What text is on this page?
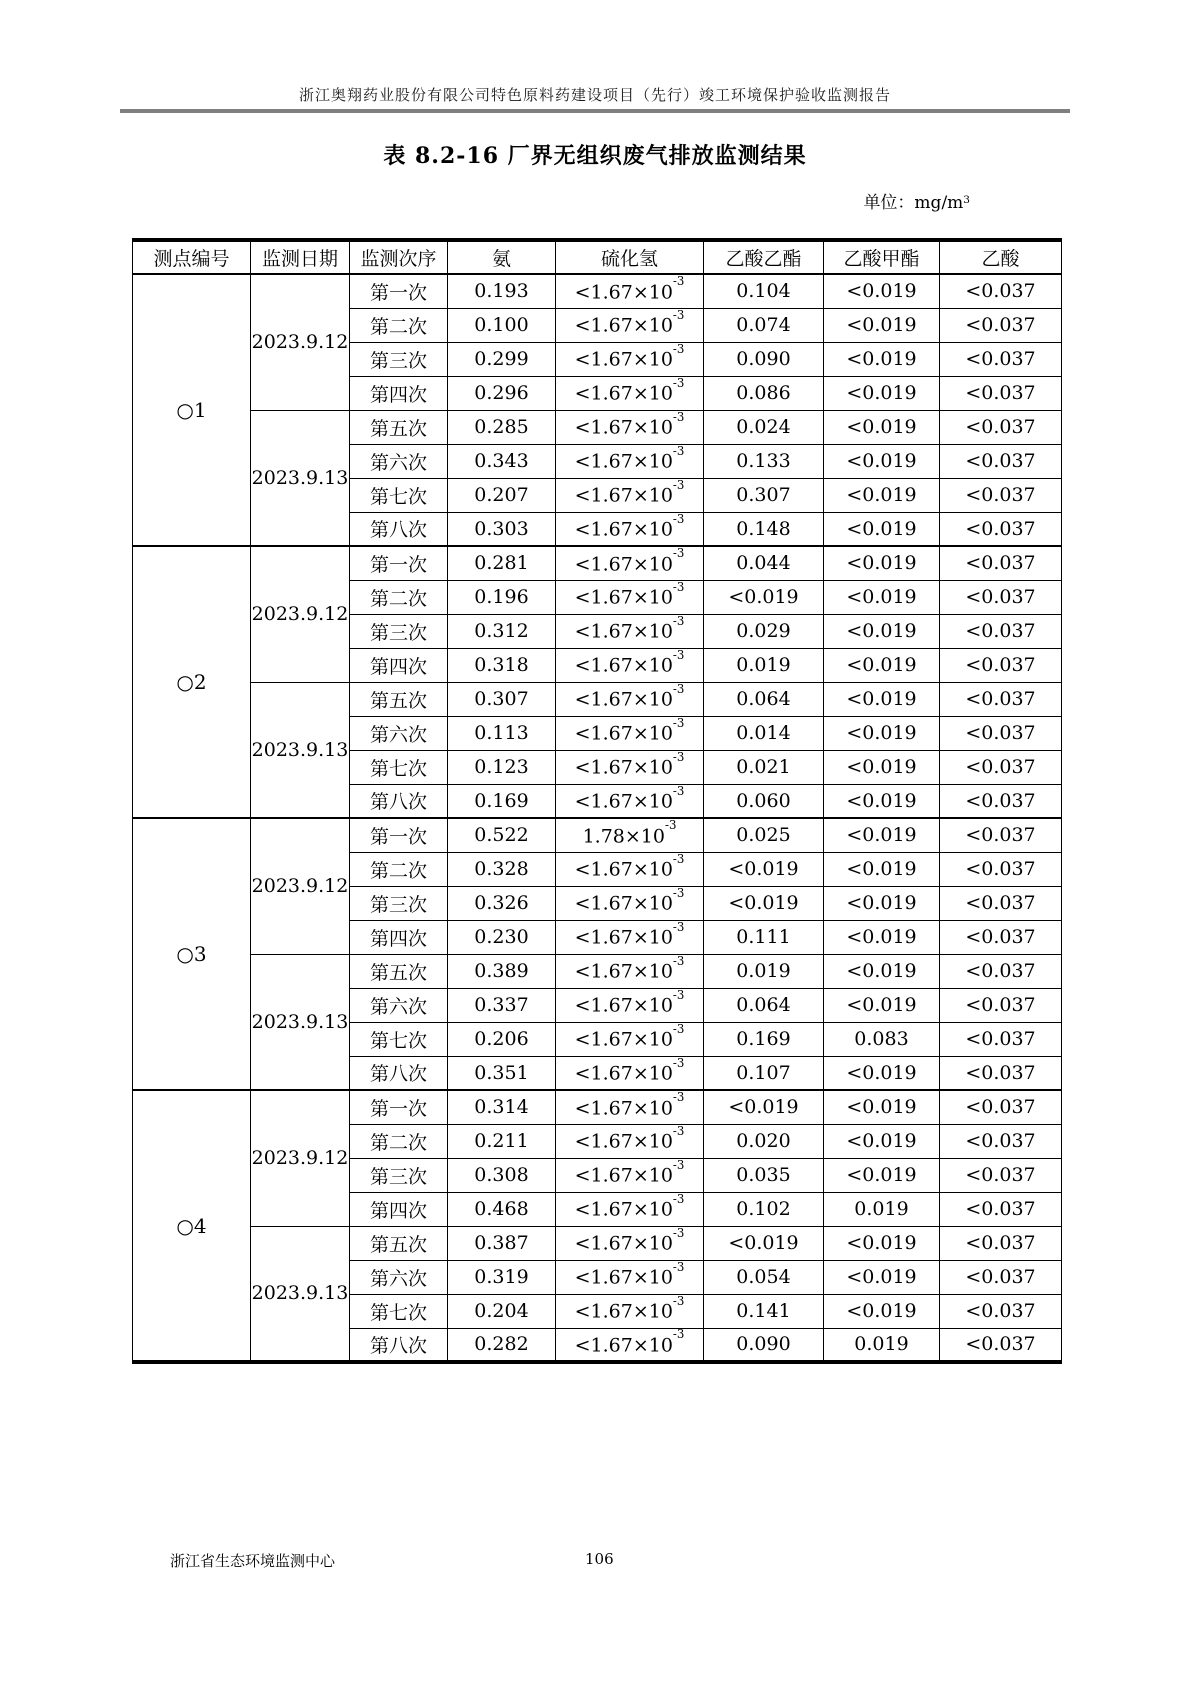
浙江奥翔药业股份有限公司特色原料药建设项目（先行）竣工环境保护验收监测报告
表 8.2-16 厂界无组织废气排放监测结果
单位：$mg/m^3$
测点编号	监测日期	监测次序	氨	硫化氢	乙酸乙酯	乙酸甲酯	乙酸
○1	2023.9.12	第一次	0.193	$<1.67\times 10^{-3}$	0.104	<0.019	<0.037
		第二次	0.100	$<1.67\times 10^{-3}$	0.074	<0.019	<0.037
		第三次	0.299	$<1.67\times 10^{-3}$	0.090	<0.019	<0.037
		第四次	0.296	$<1.67\times 10^{-3}$	0.086	<0.019	<0.037
	2023.9.13	第五次	0.285	$<1.67\times 10^{-3}$	0.024	<0.019	<0.037
		第六次	0.343	$<1.67\times 10^{-3}$	0.133	<0.019	<0.037
		第七次	0.207	$<1.67\times 10^{-3}$	0.307	<0.019	<0.037
		第八次	0.303	$<1.67\times 10^{-3}$	0.148	<0.019	<0.037
○2	2023.9.12	第一次	0.281	$<1.67\times 10^{-3}$	0.044	<0.019	<0.037
		第二次	0.196	$<1.67\times 10^{-3}$	<0.019	<0.019	<0.037
		第三次	0.312	$<1.67\times 10^{-3}$	0.029	<0.019	<0.037
		第四次	0.318	$<1.67\times 10^{-3}$	0.019	<0.019	<0.037
	2023.9.13	第五次	0.307	$<1.67\times 10^{-3}$	0.064	<0.019	<0.037
		第六次	0.113	$<1.67\times 10^{-3}$	0.014	<0.019	<0.037
		第七次	0.123	$<1.67\times 10^{-3}$	0.021	<0.019	<0.037
		第八次	0.169	$<1.67\times 10^{-3}$	0.060	<0.019	<0.037
○3	2023.9.12	第一次	0.522	$1.78\times 10^{-3}$	0.025	<0.019	<0.037
		第二次	0.328	$<1.67\times 10^{-3}$	<0.019	<0.019	<0.037
		第三次	0.326	$<1.67\times 10^{-3}$	<0.019	<0.019	<0.037
		第四次	0.230	$<1.67\times 10^{-3}$	0.111	<0.019	<0.037
	2023.9.13	第五次	0.389	$<1.67\times 10^{-3}$	0.019	<0.019	<0.037
		第六次	0.337	$<1.67\times 10^{-3}$	0.064	<0.019	<0.037
		第七次	0.206	$<1.67\times 10^{-3}$	0.169	0.083	<0.037
		第八次	0.351	$<1.67\times 10^{-3}$	0.107	<0.019	<0.037
○4	2023.9.12	第一次	0.314	$<1.67\times 10^{-3}$	<0.019	<0.019	<0.037
		第二次	0.211	$<1.67\times 10^{-3}$	0.020	<0.019	<0.037
		第三次	0.308	$<1.67\times 10^{-3}$	0.035	<0.019	<0.037
		第四次	0.468	$<1.67\times 10^{-3}$	0.102	0.019	<0.037
	2023.9.13	第五次	0.387	$<1.67\times 10^{-3}$	<0.019	<0.019	<0.037
		第六次	0.319	$<1.67\times 10^{-3}$	0.054	<0.019	<0.037
		第七次	0.204	$<1.67\times 10^{-3}$	0.141	<0.019	<0.037
		第八次	0.282	$<1.67\times 10^{-3}$	0.090	0.019	<0.037
浙江省生态环境监测中心	106
